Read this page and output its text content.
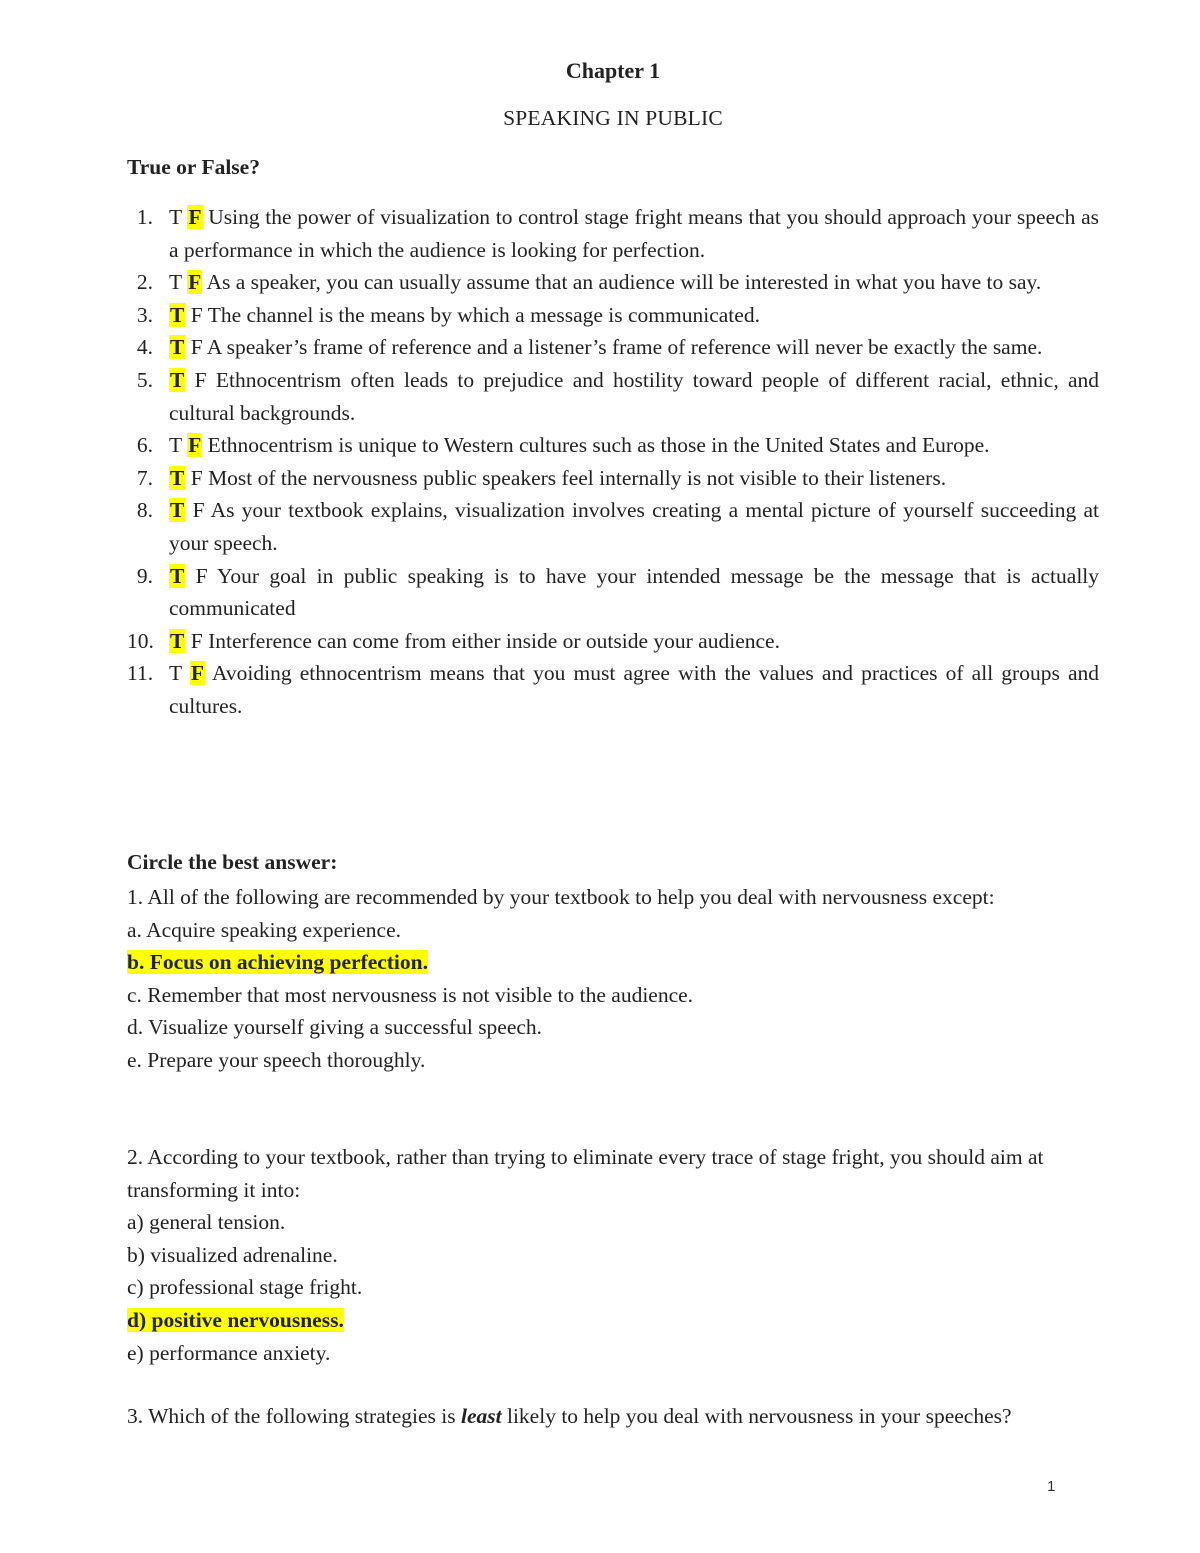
Chapter 1
SPEAKING IN PUBLIC
True or False?
1. T F Using the power of visualization to control stage fright means that you should approach your speech as a performance in which the audience is looking for perfection.
2. T F As a speaker, you can usually assume that an audience will be interested in what you have to say.
3. T F The channel is the means by which a message is communicated.
4. T F A speaker’s frame of reference and a listener’s frame of reference will never be exactly the same.
5. T F Ethnocentrism often leads to prejudice and hostility toward people of different racial, ethnic, and cultural backgrounds.
6. T F Ethnocentrism is unique to Western cultures such as those in the United States and Europe.
7. T F Most of the nervousness public speakers feel internally is not visible to their listeners.
8. T F As your textbook explains, visualization involves creating a mental picture of yourself succeeding at your speech.
9. T F Your goal in public speaking is to have your intended message be the message that is actually communicated
10. T F Interference can come from either inside or outside your audience.
11. T F Avoiding ethnocentrism means that you must agree with the values and practices of all groups and cultures.
Circle the best answer:
1. All of the following are recommended by your textbook to help you deal with nervousness except:
a. Acquire speaking experience.
b. Focus on achieving perfection.
c. Remember that most nervousness is not visible to the audience.
d. Visualize yourself giving a successful speech.
e. Prepare your speech thoroughly.
2. According to your textbook, rather than trying to eliminate every trace of stage fright, you should aim at transforming it into:
a) general tension.
b) visualized adrenaline.
c) professional stage fright.
d) positive nervousness.
e) performance anxiety.
3. Which of the following strategies is least likely to help you deal with nervousness in your speeches?
1
